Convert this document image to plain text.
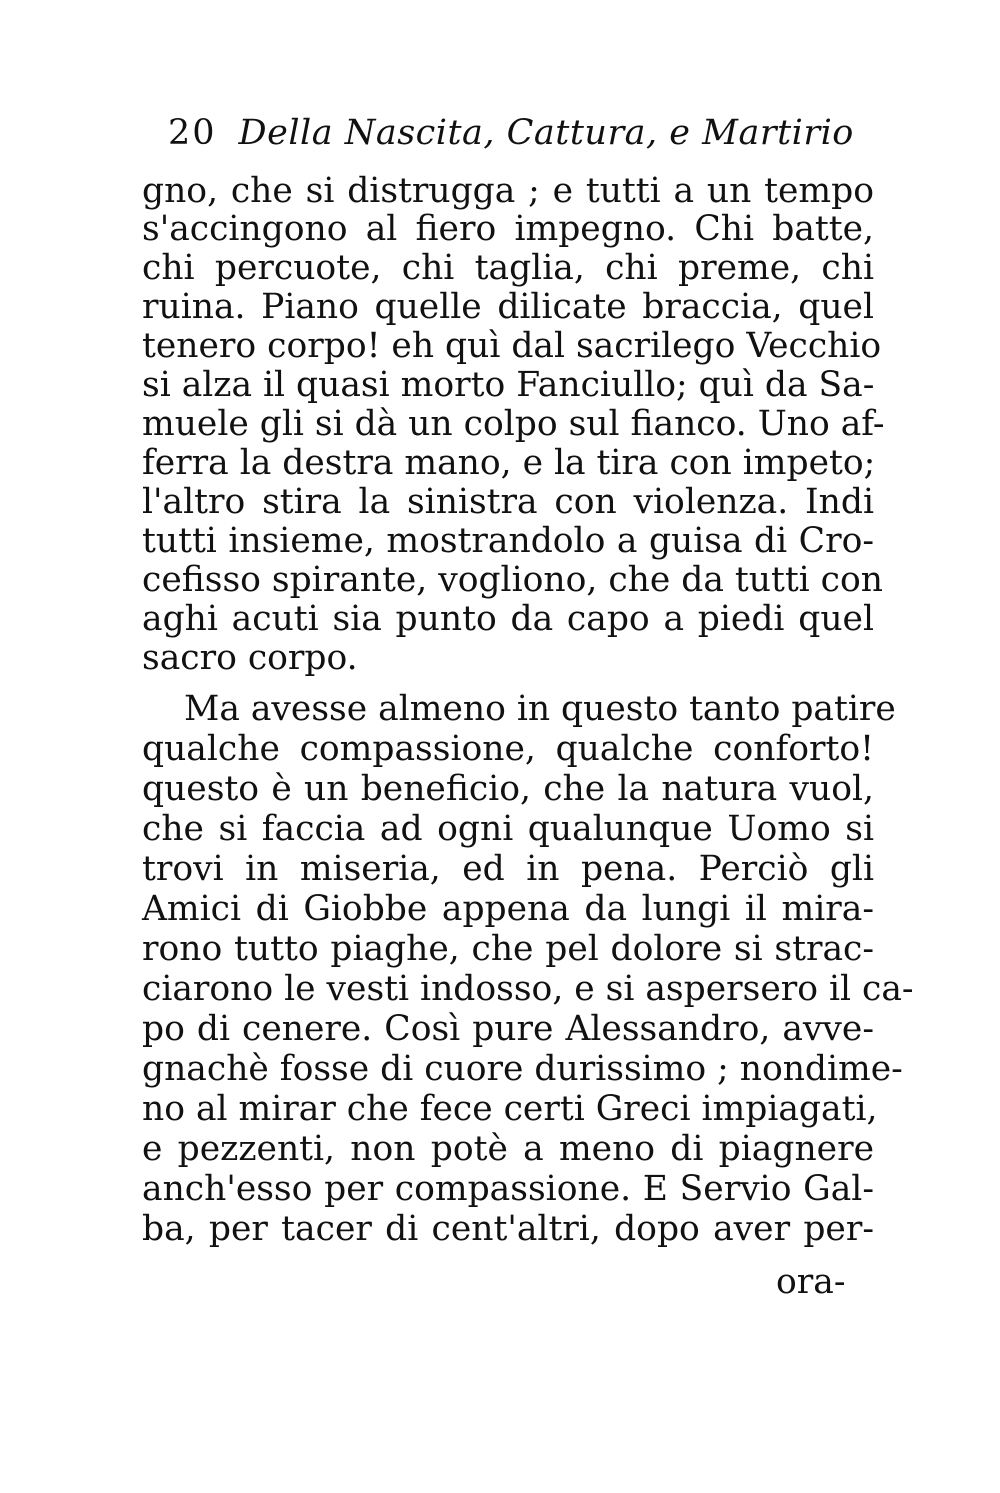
20 Della Nascita, Cattura, e Martirio
gno, che si distrugga ; e tutti a un tempo
s'accingono al fiero impegno. Chi batte,
chi percuote, chi taglia, chi preme, chi
ruina. Piano quelle dilicate braccia, quel
tenero corpo! eh quì dal sacrilego Vecchio
si alza il quasi morto Fanciullo; quì da Sa-
muele gli si dà un colpo sul fianco. Uno af-
ferra la destra mano, e la tira con impeto;
l'altro stira la sinistra con violenza. Indi
tutti insieme, mostrandolo a guisa di Cro-
cefisso spirante, vogliono, che da tutti con
aghi acuti sia punto da capo a piedi quel
sacro corpo.
Ma avesse almeno in questo tanto patire
qualche compassione, qualche conforto!
questo è un beneficio, che la natura vuol,
che si faccia ad ogni qualunque Uomo si
trovi in miseria, ed in pena. Perciò gli
Amici di Giobbe appena da lungi il mira-
rono tutto piaghe, che pel dolore si strac-
ciarono le vesti indosso, e si aspersero il ca-
po di cenere. Così pure Alessandro, avve-
gnachè fosse di cuore durissimo ; nondime-
no al mirar che fece certi Greci impiagati,
e pezzenti, non potè a meno di piagnere
anch'esso per compassione. E Servio Gal-
ba, per tacer di cent'altri, dopo aver per-
ora-
